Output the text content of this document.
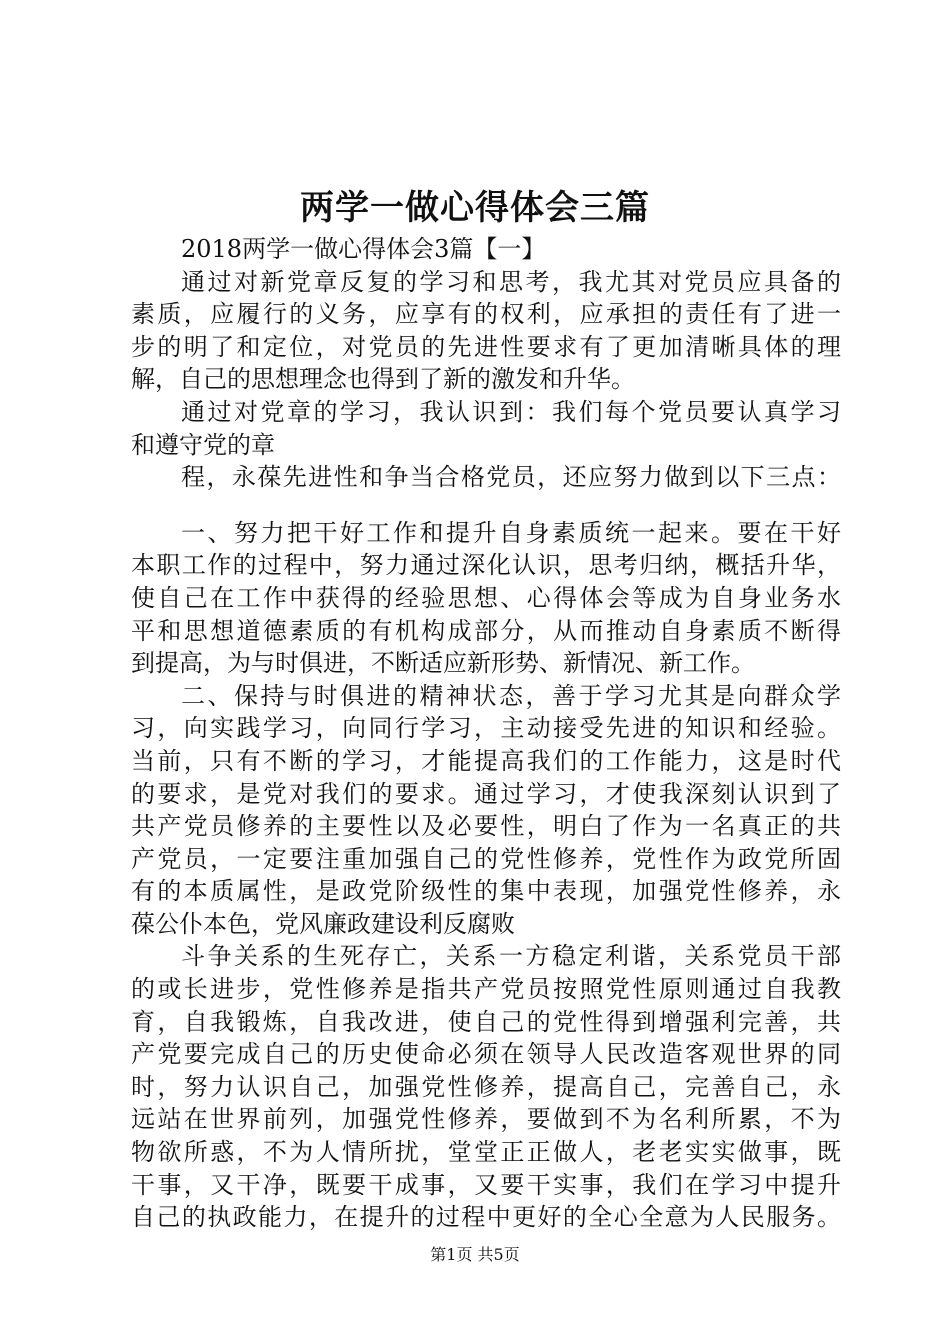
两学一做心得体会三篇
2018两学一做心得体会3篇【一】
通过对新党章反复的学习和思考，我尤其对党员应具备的
素质，应履行的义务，应享有的权利，应承担的责任有了进一
步的明了和定位，对党员的先进性要求有了更加清晰具体的理
解，自己的思想理念也得到了新的激发和升华。
通过对党章的学习，我认识到：我们每个党员要认真学习
和遵守党的章
程，永葆先进性和争当合格党员，还应努力做到以下三点：
一、努力把干好工作和提升自身素质统一起来。要在干好
本职工作的过程中，努力通过深化认识，思考归纳，概括升华，
使自己在工作中获得的经验思想、心得体会等成为自身业务水
平和思想道德素质的有机构成部分，从而推动自身素质不断得
到提高，为与时俱进，不断适应新形势、新情况、新工作。
二、保持与时俱进的精神状态，善于学习尤其是向群众学
习，向实践学习，向同行学习，主动接受先进的知识和经验。
当前，只有不断的学习，才能提高我们的工作能力，这是时代
的要求，是党对我们的要求。通过学习，才使我深刻认识到了
共产党员修养的主要性以及必要性，明白了作为一名真正的共
产党员，一定要注重加强自己的党性修养，党性作为政党所固
有的本质属性，是政党阶级性的集中表现，加强党性修养，永
葆公仆本色，党风廉政建设利反腐败
斗争关系的生死存亡，关系一方稳定利谐，关系党员干部
的或长进步，党性修养是指共产党员按照党性原则通过自我教
育，自我锻炼，自我改进，使自己的党性得到增强利完善，共
产党要完成自己的历史使命必须在领导人民改造客观世界的同
时，努力认识自己，加强党性修养，提高自己，完善自己，永
远站在世界前列，加强党性修养，要做到不为名利所累，不为
物欲所惑，不为人情所扰，堂堂正正做人，老老实实做事，既
干事，又干净，既要干成事，又要干实事，我们在学习中提升
自己的执政能力，在提升的过程中更好的全心全意为人民服务。
第1页 共5页
